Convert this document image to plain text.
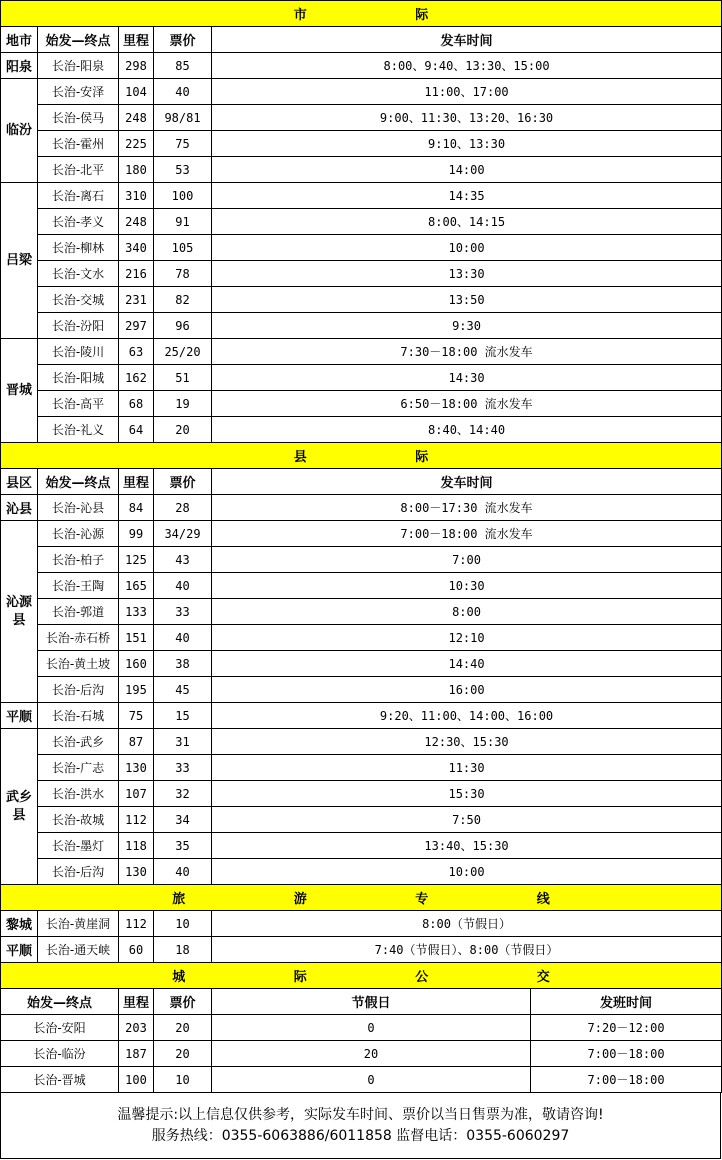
市 际					
地市	始发—终点	里程	票价	发车时间	
阳泉	长治-阳泉	298	85	8:00、9:40、13:30、15:00	
临汾	长治-安泽	104	40	11:00、17:00	
	长治-侯马	248	98/81	9:00、11:30、13:20、16:30	
	长治-霍州	225	75	9:10、13:30	
	长治-北平	180	53	14:00	
吕梁	长治-离石	310	100	14:35	
	长治-孝义	248	91	8:00、14:15	
	长治-柳林	340	105	10:00	
	长治-文水	216	78	13:30	
	长治-交城	231	82	13:50	
	长治-汾阳	297	96	9:30	
晋城	长治-陵川	63	25/20	7:30－18:00 流水发车	
	长治-阳城	162	51	14:30	
	长治-高平	68	19	6:50－18:00 流水发车	
	长治-礼义	64	20	8:40、14:40	
县 际					
县区	始发—终点	里程	票价	发车时间	
沁县	长治-沁县	84	28	8:00－17:30 流水发车	
沁源县	长治-沁源	99	34/29	7:00－18:00 流水发车	
	长治-柏子	125	43	7:00	
	长治-王陶	165	40	10:30	
	长治-郭道	133	33	8:00	
	长治-赤石桥	151	40	12:10	
	长治-黄土坡	160	38	14:40	
	长治-后沟	195	45	16:00	
平顺	长治-石城	75	15	9:20、11:00、14:00、16:00	
武乡县	长治-武乡	87	31	12:30、15:30	
	长治-广志	130	33	11:30	
	长治-洪水	107	32	15:30	
	长治-故城	112	34	7:50	
	长治-墨灯	118	35	13:40、15:30	
	长治-后沟	130	40	10:00	
旅 游 专 线					
黎城	长治-黄崖洞	112	10	8:00（节假日）	
平顺	长治-通天峡	60	18	7:40（节假日）、8:00（节假日）	
城 际 公 交					
始发—终点		里程	票价	节假日	发班时间
长治-安阳		203	20	0	7:20－12:00
长治-临汾		187	20	20	7:00－18:00
长治-晋城		100	10	0	7:00－18:00
温馨提示:以上信息仅供参考，实际发车时间、票价以当日售票为准，敬请咨询!
服务热线：0355-6063886/6011858 监督电话：0355-6060297
